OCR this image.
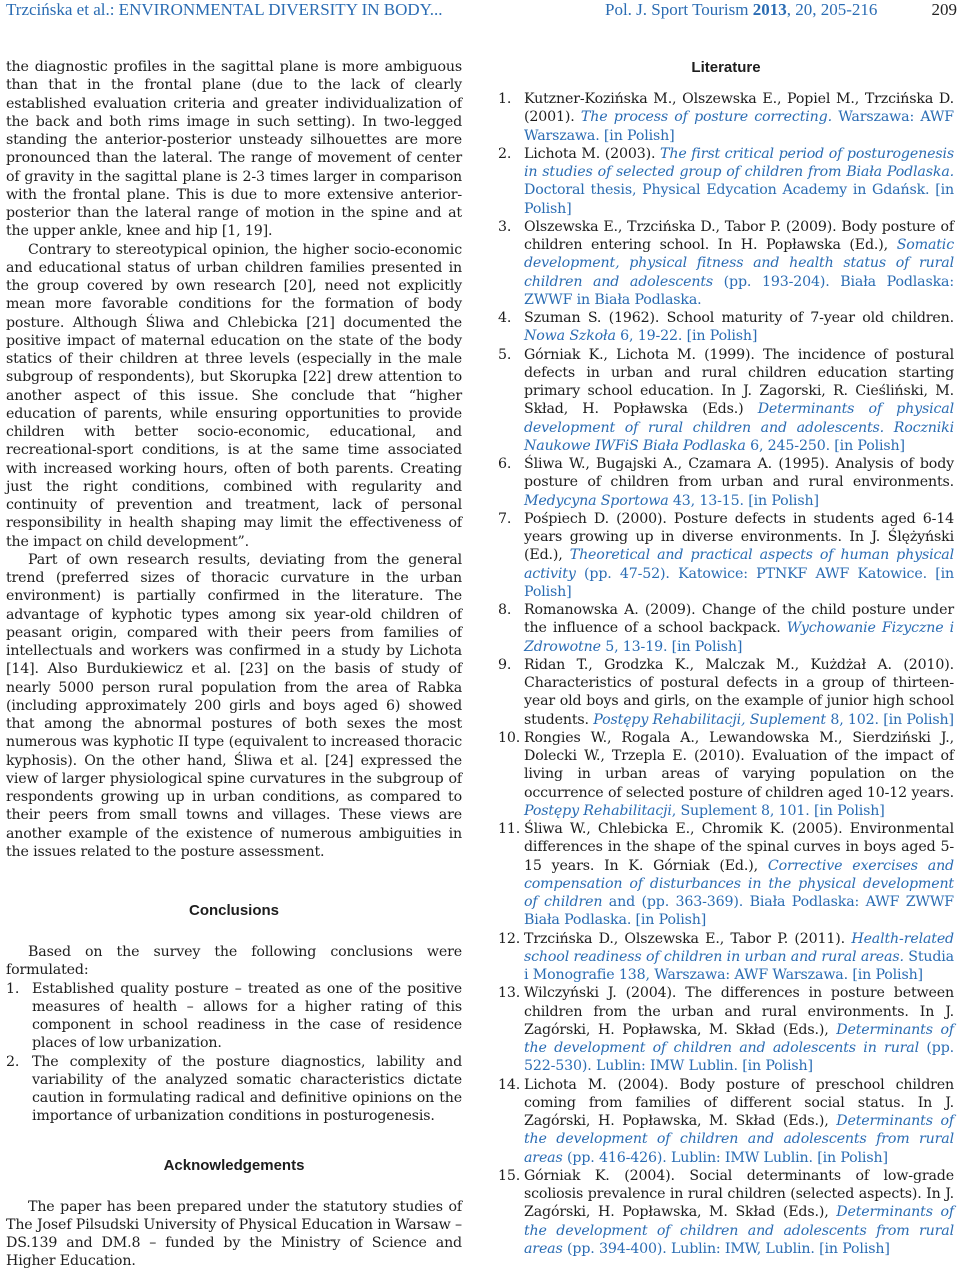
Trzcińska et al.: ENVIRONMENTAL DIVERSITY IN BODY...	Pol. J. Sport Tourism 2013, 20, 205-216	209

the diagnostic profiles in the sagittal plane is more ambiguous than that in the frontal plane (due to the lack of clearly established evaluation criteria and greater individualization of the back and both rims image in such setting). In two-legged standing the anterior-posterior unsteady silhouettes are more pronounced than the lateral. The range of movement of center of gravity in the sagittal plane is 2-3 times larger in comparison with the frontal plane. This is due to more extensive anterior-posterior than the lateral range of motion in the spine and at the upper ankle, knee and hip [1, 19].

Contrary to stereotypical opinion, the higher socio-economic and educational status of urban children families presented in the group covered by own research [20], need not explicitly mean more favorable conditions for the formation of body posture. Although Śliwa and Chlebicka [21] documented the positive impact of maternal education on the state of the body statics of their children at three levels (especially in the male subgroup of respondents), but Skorupka [22] drew attention to another aspect of this issue. She conclude that “higher education of parents, while ensuring opportunities to provide children with better socio-economic, educational, and recreational-sport conditions, is at the same time associated with increased working hours, often of both parents. Creating just the right conditions, combined with regularity and continuity of prevention and treatment, lack of personal responsibility in health shaping may limit the effectiveness of the impact on child development”.

Part of own research results, deviating from the general trend (preferred sizes of thoracic curvature in the urban environment) is partially confirmed in the literature. The advantage of kyphotic types among six year-old children of peasant origin, compared with their peers from families of intellectuals and workers was confirmed in a study by Lichota [14]. Also Burdukiewicz et al. [23] on the basis of study of nearly 5000 person rural population from the area of Rabka (including approximately 200 girls and boys aged 6) showed that among the abnormal postures of both sexes the most numerous was kyphotic II type (equivalent to increased thoracic kyphosis). On the other hand, Śliwa et al. [24] expressed the view of larger physiological spine curvatures in the subgroup of respondents growing up in urban conditions, as compared to their peers from small towns and villages. These views are another example of the existence of numerous ambiguities in the issues related to the posture assessment.

Conclusions

Based on the survey the following conclusions were formulated:

1. Established quality posture – treated as one of the positive measures of health – allows for a higher rating of this component in school readiness in the case of residence places of low urbanization.
2. The complexity of the posture diagnostics, lability and variability of the analyzed somatic characteristics dictate caution in formulating radical and definitive opinions on the importance of urbanization conditions in posturogenesis.
Acknowledgements

The paper has been prepared under the statutory studies of The Josef Pilsudski University of Physical Education in Warsaw – DS.139 and DM.8 – funded by the Ministry of Science and Higher Education.

Literature
1. Kutzner-Kozińska M., Olszewska E., Popiel M., Trzcińska D. (2001). The process of posture correcting. Warszawa: AWF Warszawa. [in Polish]
2. Lichota M. (2003). The first critical period of posturogenesis in studies of selected group of children from Biała Podlaska. Doctoral thesis, Physical Edycation Academy in Gdańsk. [in Polish]
3. Olszewska E., Trzcińska D., Tabor P. (2009). Body posture of children entering school. In H. Popławska (Ed.), Somatic development, physical fitness and health status of rural children and adolescents (pp. 193-204). Biała Podlaska: ZWWF in Biała Podlaska.
4. Szuman S. (1962). School maturity of 7-year old children. Nowa Szkoła 6, 19-22. [in Polish]
5. Górniak K., Lichota M. (1999). The incidence of postural defects in urban and rural children education starting primary school education. In J. Zagorski, R. Cieśliński, M. Skład, H. Popławska (Eds.) Determinants of physical development of rural children and adolescents. Roczniki Naukowe IWFiS Biała Podlaska 6, 245-250. [in Polish]
6. Śliwa W., Bugajski A., Czamara A. (1995). Analysis of body posture of children from urban and rural environments. Medycyna Sportowa 43, 13-15. [in Polish]
7. Pośpiech D. (2000). Posture defects in students aged 6-14 years growing up in diverse environments. In J. Ślężyński (Ed.), Theoretical and practical aspects of human physical activity (pp. 47-52). Katowice: PTNKF AWF Katowice. [in Polish]
8. Romanowska A. (2009). Change of the child posture under the influence of a school backpack. Wychowanie Fizyczne i Zdrowotne 5, 13-19. [in Polish]
9. Ridan T., Grodzka K., Malczak M., Kużdżał A. (2010). Characteristics of postural defects in a group of thirteen-year old boys and girls, on the example of junior high school students. Postępy Rehabilitacji, Suplement 8, 102. [in Polish]
10. Rongies W., Rogala A., Lewandowska M., Sierdziński J., Dolecki W., Trzepla E. (2010). Evaluation of the impact of living in urban areas of varying population on the occurrence of selected posture of children aged 10-12 years. Postępy Rehabilitacji, Suplement 8, 101. [in Polish]
11. Śliwa W., Chlebicka E., Chromik K. (2005). Environmental differences in the shape of the spinal curves in boys aged 5-15 years. In K. Górniak (Ed.), Corrective exercises and compensation of disturbances in the physical development of children and (pp. 363-369). Biała Podlaska: AWF ZWWF Biała Podlaska. [in Polish]
12. Trzcińska D., Olszewska E., Tabor P. (2011). Health-related school readiness of children in urban and rural areas. Studia i Monografie 138, Warszawa: AWF Warszawa. [in Polish]
13. Wilczyński J. (2004). The differences in posture between children from the urban and rural environments. In J. Zagórski, H. Popławska, M. Skład (Eds.), Determinants of the development of children and adolescents in rural (pp. 522-530). Lublin: IMW Lublin. [in Polish]
14. Lichota M. (2004). Body posture of preschool children coming from families of different social status. In J. Zagórski, H. Popławska, M. Skład (Eds.), Determinants of the development of children and adolescents from rural areas (pp. 416-426). Lublin: IMW Lublin. [in Polish]
15. Górniak K. (2004). Social determinants of low-grade scoliosis prevalence in rural children (selected aspects). In J. Zagórski, H. Popławska, M. Skład (Eds.), Determinants of the development of children and adolescents from rural areas (pp. 394-400). Lublin: IMW, Lublin. [in Polish]
